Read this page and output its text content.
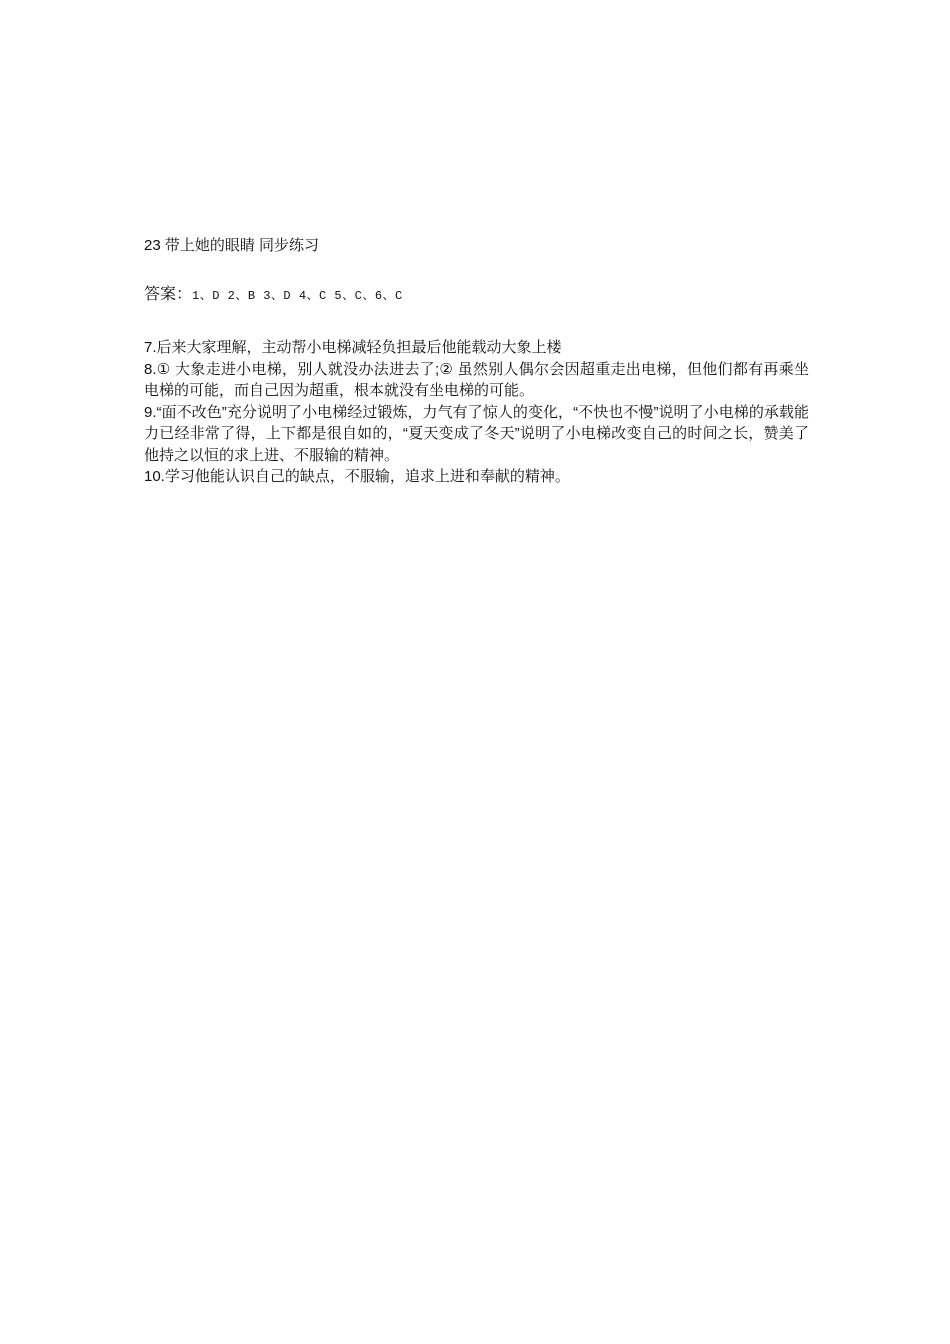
23 带上她的眼睛 同步练习

答案：1、D 2、B 3、D 4、C 5、C、6、C

7.后来大家理解，主动帮小电梯减轻负担最后他能载动大象上楼

8.① 大象走进小电梯，别人就没办法进去了;② 虽然别人偶尔会因超重走出电梯，但他们都有再乘坐电梯的可能，而自己因为超重，根本就没有坐电梯的可能。

9.“面不改色”充分说明了小电梯经过锻炼，力气有了惊人的变化，“不快也不慢”说明了小电梯的承载能力已经非常了得，上下都是很自如的，“夏天变成了冬天”说明了小电梯改变自己的时间之长，赞美了他持之以恒的求上进、不服输的精神。

10.学习他能认识自己的缺点，不服输，追求上进和奉献的精神。
